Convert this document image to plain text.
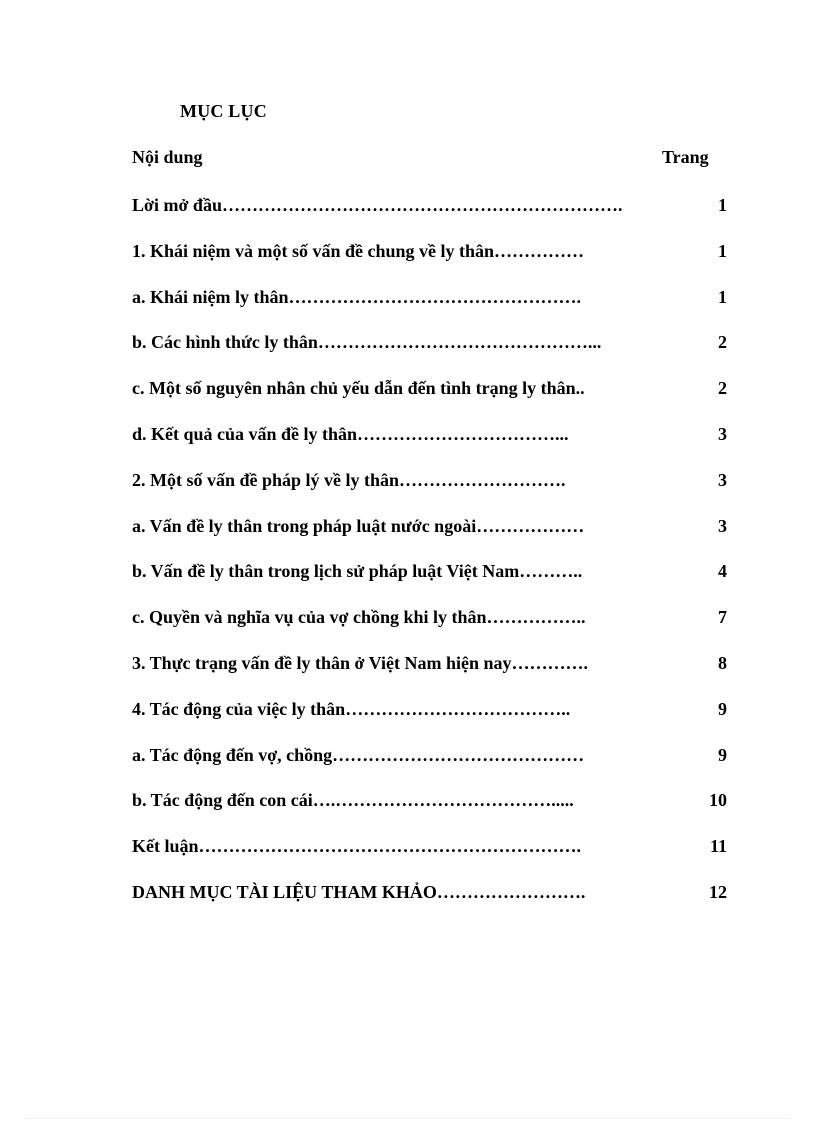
MỤC LỤC
Nội dung	Trang
Lời mở đầu………………………………………………………….	1
1. Khái niệm và một số vấn đề chung về ly thân……………	1
a. Khái niệm ly thân………………………………………….	1
b. Các hình thức ly thân………………………………………...	2
c. Một số nguyên nhân chủ yếu dẫn đến tình trạng ly thân..	2
d. Kết quả của vấn đề ly thân……………………………...	3
2. Một số vấn đề pháp lý về ly thân……………………….	3
a. Vấn đề ly thân trong pháp luật nước ngoài………………	3
b. Vấn đề ly thân trong lịch sử pháp luật Việt Nam………..	4
c. Quyền và nghĩa vụ của vợ chồng khi ly thân……………..	7
3. Thực trạng vấn đề ly thân ở Việt Nam hiện nay………….	8
4. Tác động của việc ly thân………………………………..	9
a. Tác động đến vợ, chồng……………………………………	9
b. Tác động đến con cái….……………………………….....	10
Kết luận……………………………………………………….	11
DANH MỤC TÀI LIỆU THAM KHẢO…………………….	12
